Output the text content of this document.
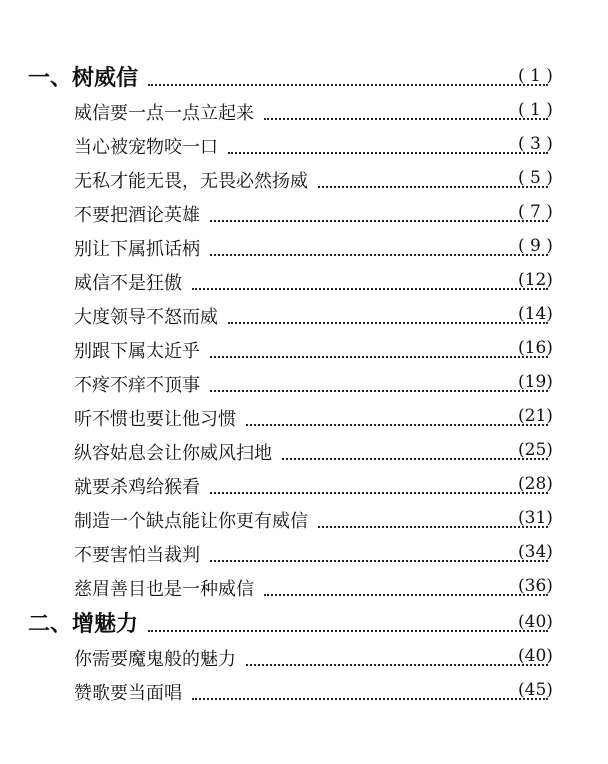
一、树威信	( 1 )
威信要一点一点立起来	( 1 )
当心被宠物咬一口	( 3 )
无私才能无畏，无畏必然扬威	( 5 )
不要把酒论英雄	( 7 )
别让下属抓话柄	( 9 )
威信不是狂傲	(12)
大度领导不怒而威	(14)
别跟下属太近乎	(16)
不疼不痒不顶事	(19)
听不惯也要让他习惯	(21)
纵容姑息会让你威风扫地	(25)
就要杀鸡给猴看	(28)
制造一个缺点能让你更有威信	(31)
不要害怕当裁判	(34)
慈眉善目也是一种威信	(36)
二、增魅力	(40)
你需要魔鬼般的魅力	(40)
赞歌要当面唱	(45)
